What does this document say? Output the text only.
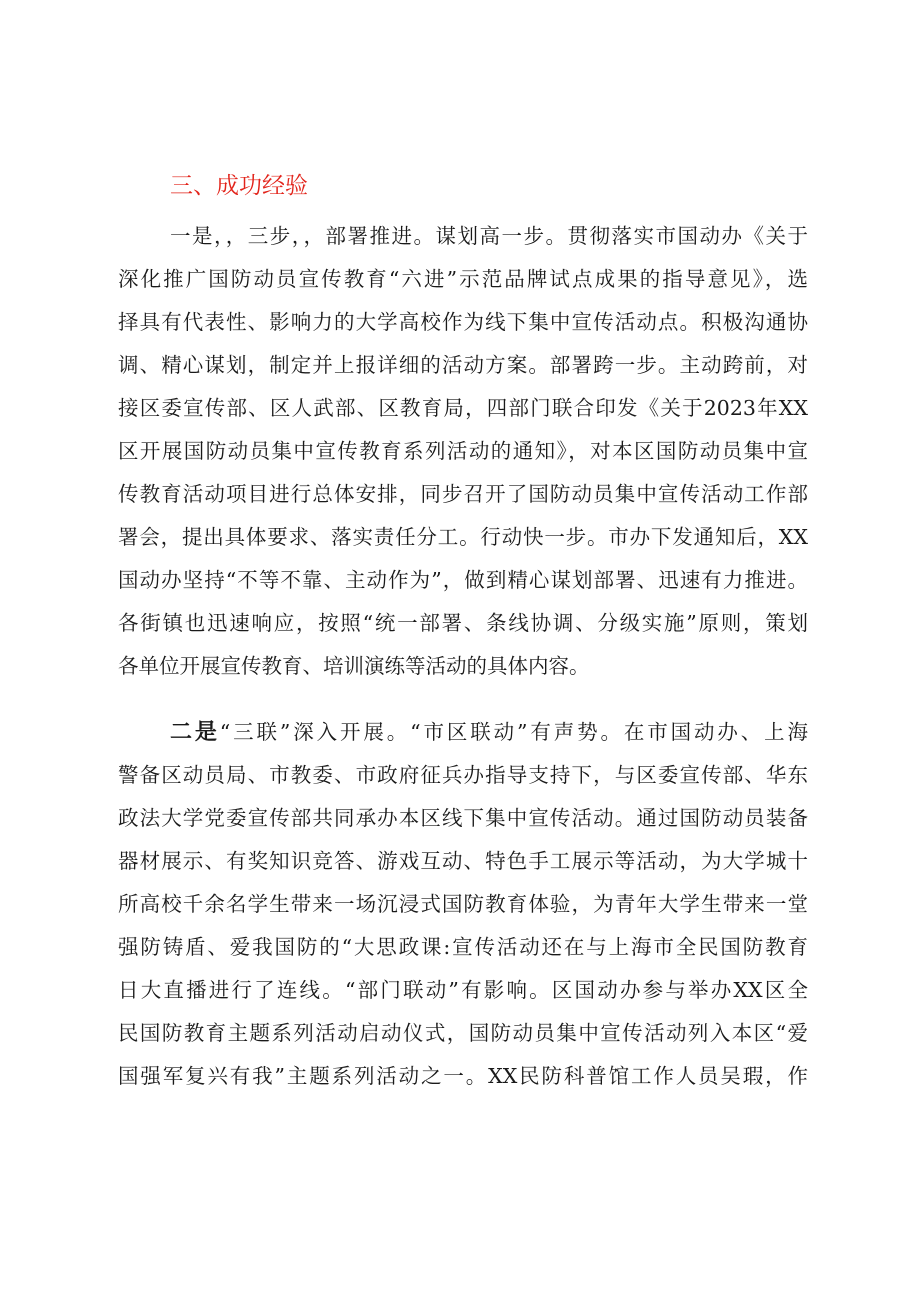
三、成功经验
一是，，三步，，部署推进。谋划高一步。贯彻落实市国动办《关于
深化推广国防动员宣传教育“六进”示范品牌试点成果的指导意见》，选
择具有代表性、影响力的大学高校作为线下集中宣传活动点。积极沟通协
调、精心谋划，制定并上报详细的活动方案。部署跨一步。主动跨前，对
接区委宣传部、区人武部、区教育局，四部门联合印发《关于2023年XX
区开展国防动员集中宣传教育系列活动的通知》，对本区国防动员集中宣
传教育活动项目进行总体安排，同步召开了国防动员集中宣传活动工作部
署会，提出具体要求、落实责任分工。行动快一步。市办下发通知后，XX
国动办坚持“不等不靠、主动作为”，做到精心谋划部署、迅速有力推进。
各街镇也迅速响应，按照“统一部署、条线协调、分级实施”原则，策划
各单位开展宣传教育、培训演练等活动的具体内容。
二是“三联”深入开展。“市区联动”有声势。在市国动办、上海
警备区动员局、市教委、市政府征兵办指导支持下，与区委宣传部、华东
政法大学党委宣传部共同承办本区线下集中宣传活动。通过国防动员装备
器材展示、有奖知识竞答、游戏互动、特色手工展示等活动，为大学城十
所高校千余名学生带来一场沉浸式国防教育体验，为青年大学生带来一堂
强防铸盾、爱我国防的“大思政课:宣传活动还在与上海市全民国防教育
日大直播进行了连线。“部门联动”有影响。区国动办参与举办XX区全
民国防教育主题系列活动启动仪式，国防动员集中宣传活动列入本区“爱
国强军复兴有我”主题系列活动之一。XX民防科普馆工作人员吴瑕，作
